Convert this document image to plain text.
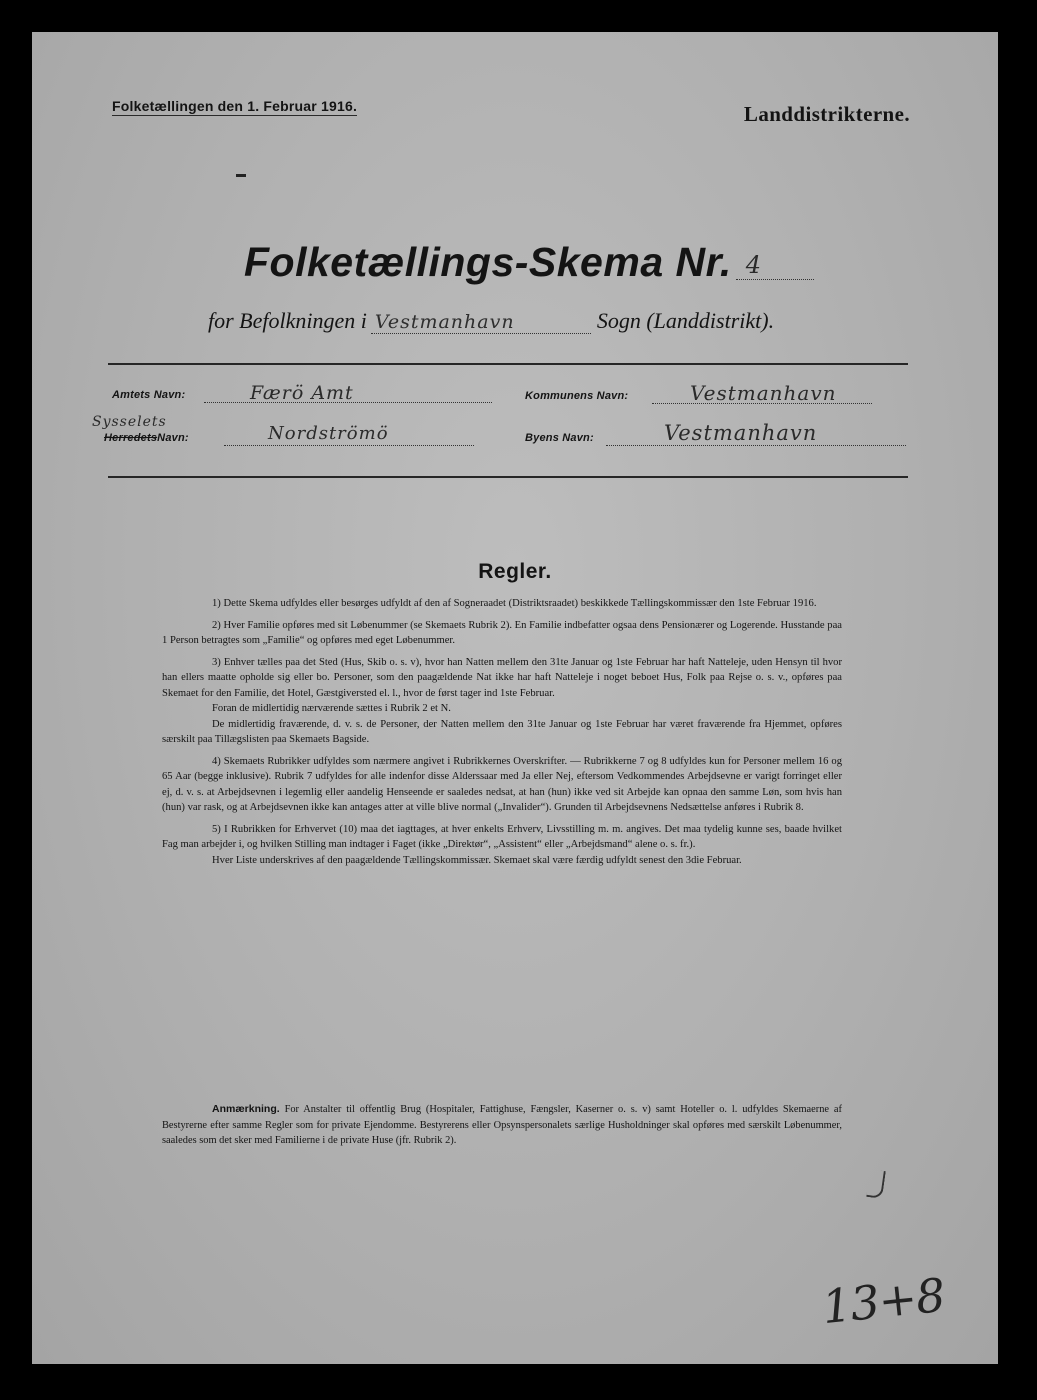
Folketællingen den 1. Februar 1916.	Landdistrikterne.
Folketællings-Skema Nr. 4
for Befolkningen i Vestmanhavn	Sogn (Landdistrikt).
Amtets Navn:	Færö Amt	Kommunens Navn:	Vestmanhavn
Sysselets
HerredetsNavn:	Nordströmö	Byens Navn:	Vestmanhavn
Regler.

1) Dette Skema udfyldes eller besørges udfyldt af den af Sogneraadet (Distriktsraadet) beskikkede Tællingskommissær den 1ste Februar 1916.

2) Hver Familie opføres med sit Løbenummer (se Skemaets Rubrik 2). En Familie indbefatter ogsaa dens Pensionærer og Logerende. Husstande paa 1 Person betragtes som „Familie“ og opføres med eget Løbenummer.

3) Enhver tælles paa det Sted (Hus, Skib o. s. v), hvor han Natten mellem den 31te Januar og 1ste Februar har haft Natteleje, uden Hensyn til hvor han ellers maatte opholde sig eller bo. Personer, som den paagældende Nat ikke har haft Natteleje i noget beboet Hus, Folk paa Rejse o. s. v., opføres paa Skemaet for den Familie, det Hotel, Gæstgiversted el. l., hvor de først tager ind 1ste Februar.

Foran de midlertidig nærværende sættes i Rubrik 2 et N.

De midlertidig fraværende, d. v. s. de Personer, der Natten mellem den 31te Januar og 1ste Februar har været fraværende fra Hjemmet, opføres særskilt paa Tillægslisten paa Skemaets Bagside.

4) Skemaets Rubrikker udfyldes som nærmere angivet i Rubrikkernes Overskrifter. — Rubrikkerne 7 og 8 udfyldes kun for Personer mellem 16 og 65 Aar (begge inklusive). Rubrik 7 udfyldes for alle indenfor disse Alderssaar med Ja eller Nej, eftersom Vedkommendes Arbejdsevne er varigt forringet eller ej, d. v. s. at Arbejdsevnen i legemlig eller aandelig Henseende er saaledes nedsat, at han (hun) ikke ved sit Arbejde kan opnaa den samme Løn, som hvis han (hun) var rask, og at Arbejdsevnen ikke kan antages atter at ville blive normal („Invalider“). Grunden til Arbejdsevnens Nedsættelse anføres i Rubrik 8.

5) I Rubrikken for Erhvervet (10) maa det iagttages, at hver enkelts Erhverv, Livsstilling m. m. angives. Det maa tydelig kunne ses, baade hvilket Fag man arbejder i, og hvilken Stilling man indtager i Faget (ikke „Direktør“, „Assistent“ eller „Arbejdsmand“ alene o. s. fr.).

Hver Liste underskrives af den paagældende Tællingskommissær. Skemaet skal være færdig udfyldt senest den 3die Februar.

Anmærkning. For Anstalter til offentlig Brug (Hospitaler, Fattighuse, Fængsler, Kaserner o. s. v) samt Hoteller o. l. udfyldes Skemaerne af Bestyrerne efter samme Regler som for private Ejendomme. Bestyrerens eller Opsynspersonalets særlige Husholdninger skal opføres med særskilt Løbenummer, saaledes som det sker med Familierne i de private Huse (jfr. Rubrik 2).

13+8
